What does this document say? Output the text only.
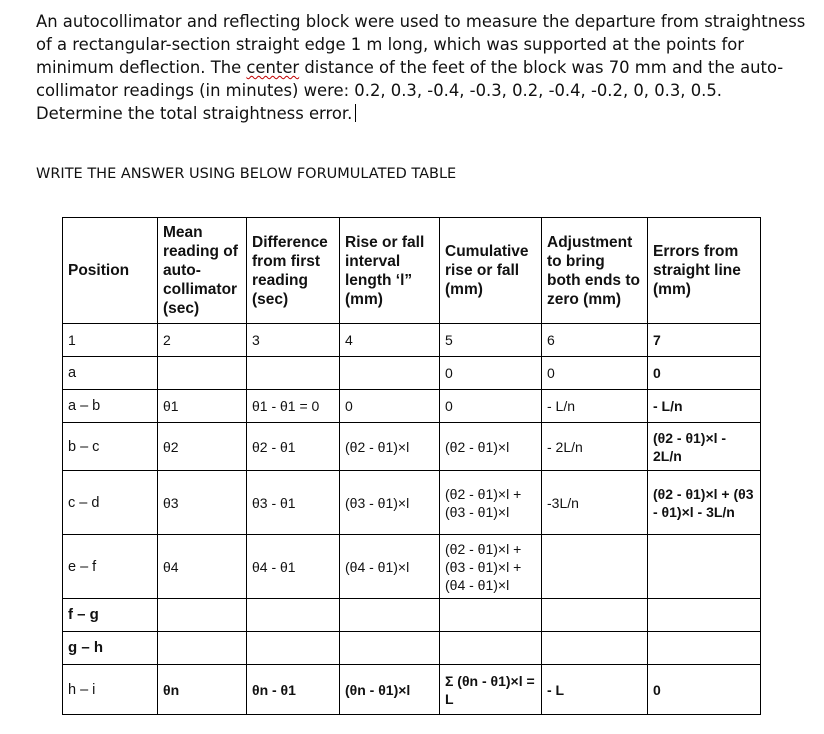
An autocollimator and reflecting block were used to measure the departure from straightness of a rectangular-section straight edge 1 m long, which was supported at the points for minimum deflection. The center distance of the feet of the block was 70 mm and the auto-collimator readings (in minutes) were: 0.2, 0.3, -0.4, -0.3, 0.2, -0.4, -0.2, 0, 0.3, 0.5. Determine the total straightness error.
WRITE THE ANSWER USING BELOW FORUMULATED TABLE
Position	Mean reading of auto-collimator (sec)	Difference from first reading (sec)	Rise or fall interval length ‘l” (mm)	Cumulative rise or fall (mm)	Adjustment to bring both ends to zero (mm)	Errors from straight line (mm)
1	2	3	4	5	6	7
a				0	0	0
a – b	θ1	θ1 - θ1 = 0	0	0	- L/n	- L/n
b – c	θ2	θ2 - θ1	(θ2 - θ1)×l	(θ2 - θ1)×l	- 2L/n	(θ2 - θ1)×l - 2L/n
c – d	θ3	θ3 - θ1	(θ3 - θ1)×l	(θ2 - θ1)×l + (θ3 - θ1)×l	-3L/n	(θ2 - θ1)×l + (θ3 - θ1)×l - 3L/n
e – f	θ4	θ4 - θ1	(θ4 - θ1)×l	(θ2 - θ1)×l + (θ3 - θ1)×l + (θ4 - θ1)×l		
f – g						
g – h						
h – i	θn	θn - θ1	(θn - θ1)×l	Σ (θn - θ1)×l = L	- L	0
